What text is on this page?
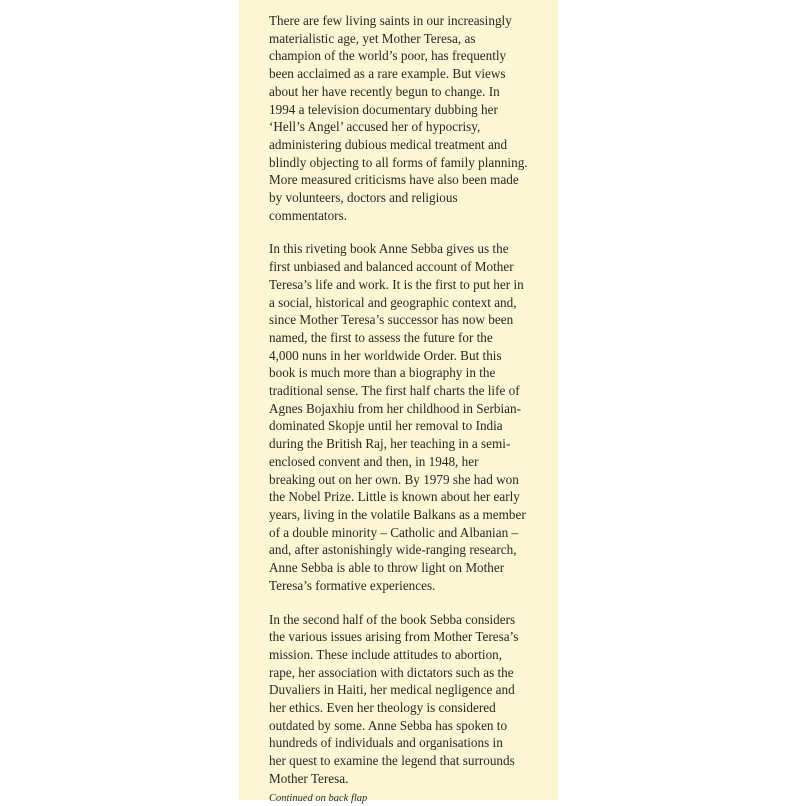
There are few living saints in our increasingly
materialistic age, yet Mother Teresa, as
champion of the world’s poor, has frequently
been acclaimed as a rare example. But views
about her have recently begun to change. In
1994 a television documentary dubbing her
‘Hell’s Angel’ accused her of hypocrisy,
administering dubious medical treatment and
blindly objecting to all forms of family planning.
More measured criticisms have also been made
by volunteers, doctors and religious
commentators.

In this riveting book Anne Sebba gives us the
first unbiased and balanced account of Mother
Teresa’s life and work. It is the first to put her in
a social, historical and geographic context and,
since Mother Teresa’s successor has now been
named, the first to assess the future for the
4,000 nuns in her worldwide Order. But this
book is much more than a biography in the
traditional sense. The first half charts the life of
Agnes Bojaxhiu from her childhood in Serbian-
dominated Skopje until her removal to India
during the British Raj, her teaching in a semi-
enclosed convent and then, in 1948, her
breaking out on her own. By 1979 she had won
the Nobel Prize. Little is known about her early
years, living in the volatile Balkans as a member
of a double minority – Catholic and Albanian –
and, after astonishingly wide-ranging research,
Anne Sebba is able to throw light on Mother
Teresa’s formative experiences.

In the second half of the book Sebba considers
the various issues arising from Mother Teresa’s
mission. These include attitudes to abortion,
rape, her association with dictators such as the
Duvaliers in Haiti, her medical negligence and
her ethics. Even her theology is considered
outdated by some. Anne Sebba has spoken to
hundreds of individuals and organisations in
her quest to examine the legend that surrounds
Mother Teresa.

Continued on back flap
